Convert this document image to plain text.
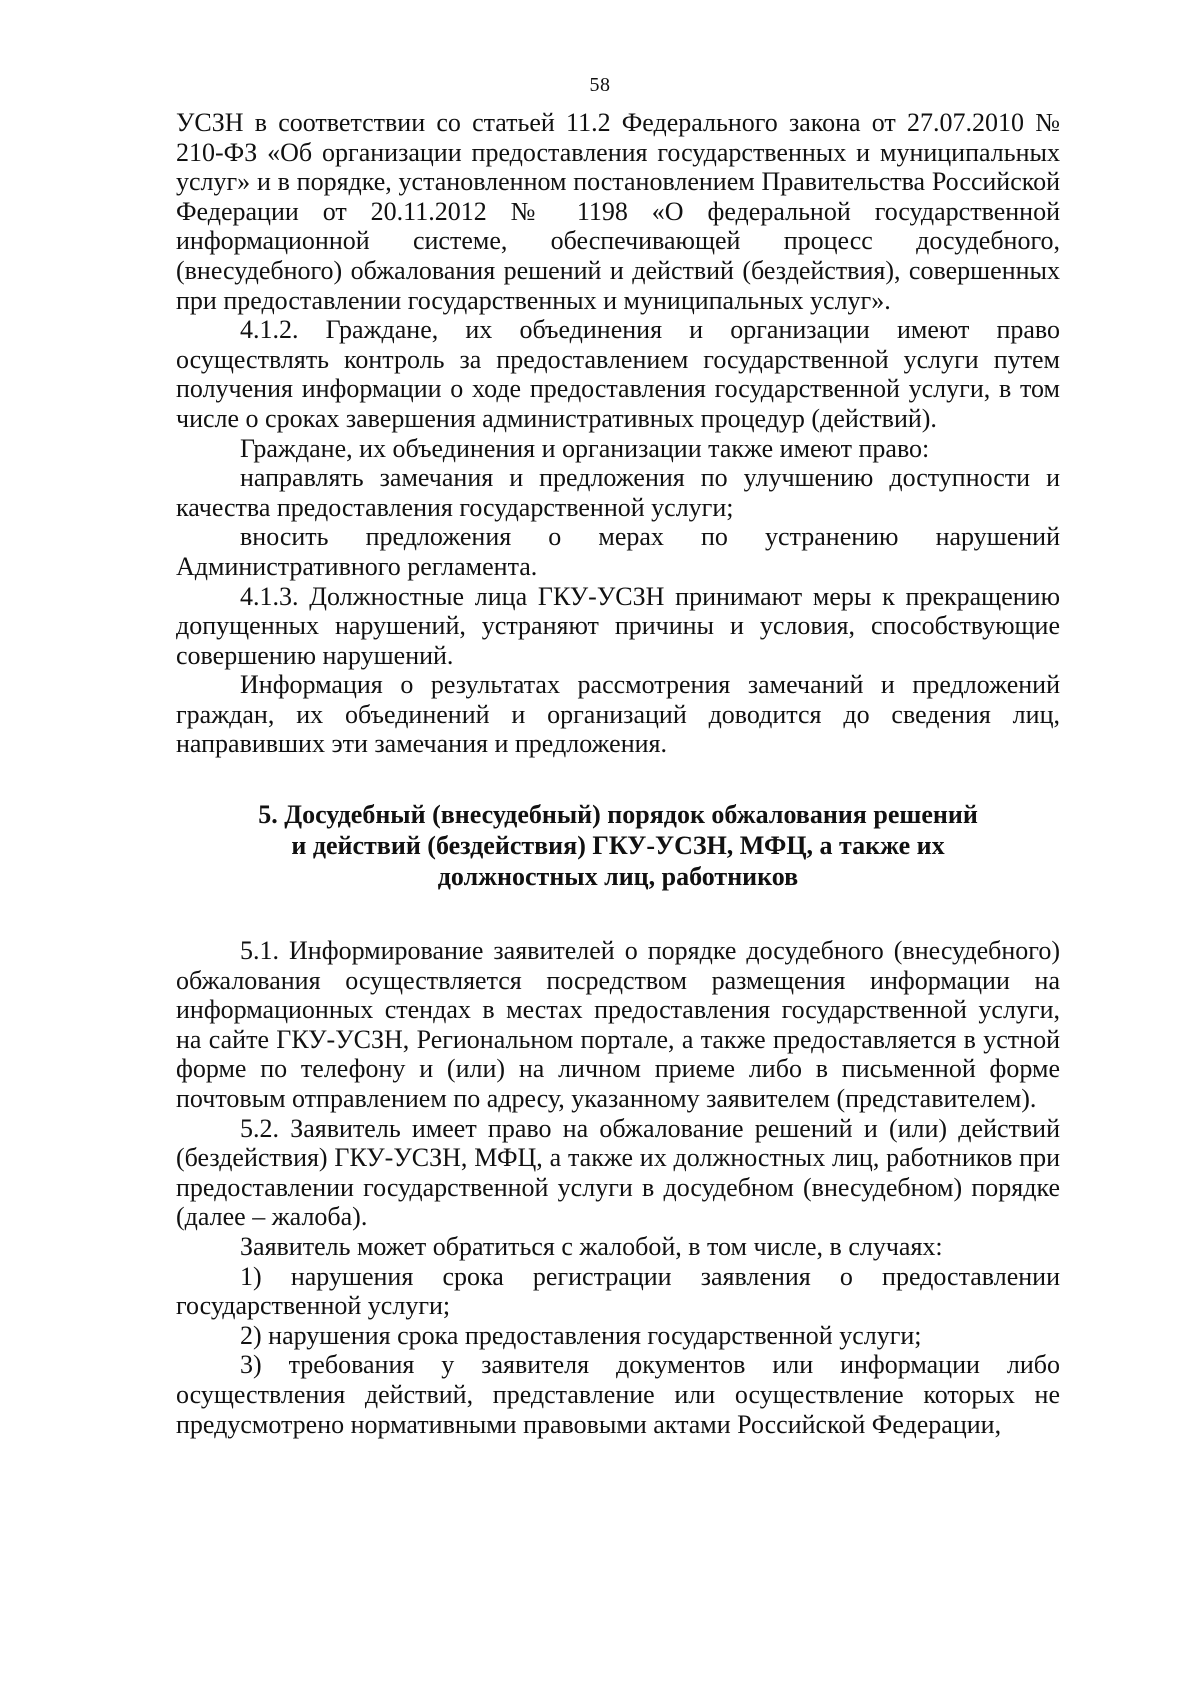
58

УСЗН в соответствии со статьей 11.2 Федерального закона от 27.07.2010 № 210-ФЗ «Об организации предоставления государственных и муниципальных услуг» и в порядке, установленном постановлением Правительства Российской Федерации от 20.11.2012 № 1198 «О федеральной государственной информационной системе, обеспечивающей процесс досудебного, (внесудебного) обжалования решений и действий (бездействия), совершенных при предоставлении государственных и муниципальных услуг».

4.1.2. Граждане, их объединения и организации имеют право осуществлять контроль за предоставлением государственной услуги путем получения информации о ходе предоставления государственной услуги, в том числе о сроках завершения административных процедур (действий).

Граждане, их объединения и организации также имеют право:

направлять замечания и предложения по улучшению доступности и качества предоставления государственной услуги;

вносить предложения о мерах по устранению нарушений Административного регламента.

4.1.3. Должностные лица ГКУ-УСЗН принимают меры к прекращению допущенных нарушений, устраняют причины и условия, способствующие совершению нарушений.

Информация о результатах рассмотрения замечаний и предложений граждан, их объединений и организаций доводится до сведения лиц, направивших эти замечания и предложения.

5. Досудебный (внесудебный) порядок обжалования решений
и действий (бездействия) ГКУ-УСЗН, МФЦ, а также их
должностных лиц, работников

5.1. Информирование заявителей о порядке досудебного (внесудебного) обжалования осуществляется посредством размещения информации на информационных стендах в местах предоставления государственной услуги, на сайте ГКУ-УСЗН, Региональном портале, а также предоставляется в устной форме по телефону и (или) на личном приеме либо в письменной форме почтовым отправлением по адресу, указанному заявителем (представителем).

5.2. Заявитель имеет право на обжалование решений и (или) действий (бездействия) ГКУ-УСЗН, МФЦ, а также их должностных лиц, работников при предоставлении государственной услуги в досудебном (внесудебном) порядке (далее – жалоба).

Заявитель может обратиться с жалобой, в том числе, в случаях:

1) нарушения срока регистрации заявления о предоставлении государственной услуги;

2) нарушения срока предоставления государственной услуги;

3) требования у заявителя документов или информации либо осуществления действий, представление или осуществление которых не предусмотрено нормативными правовыми актами Российской Федерации,
